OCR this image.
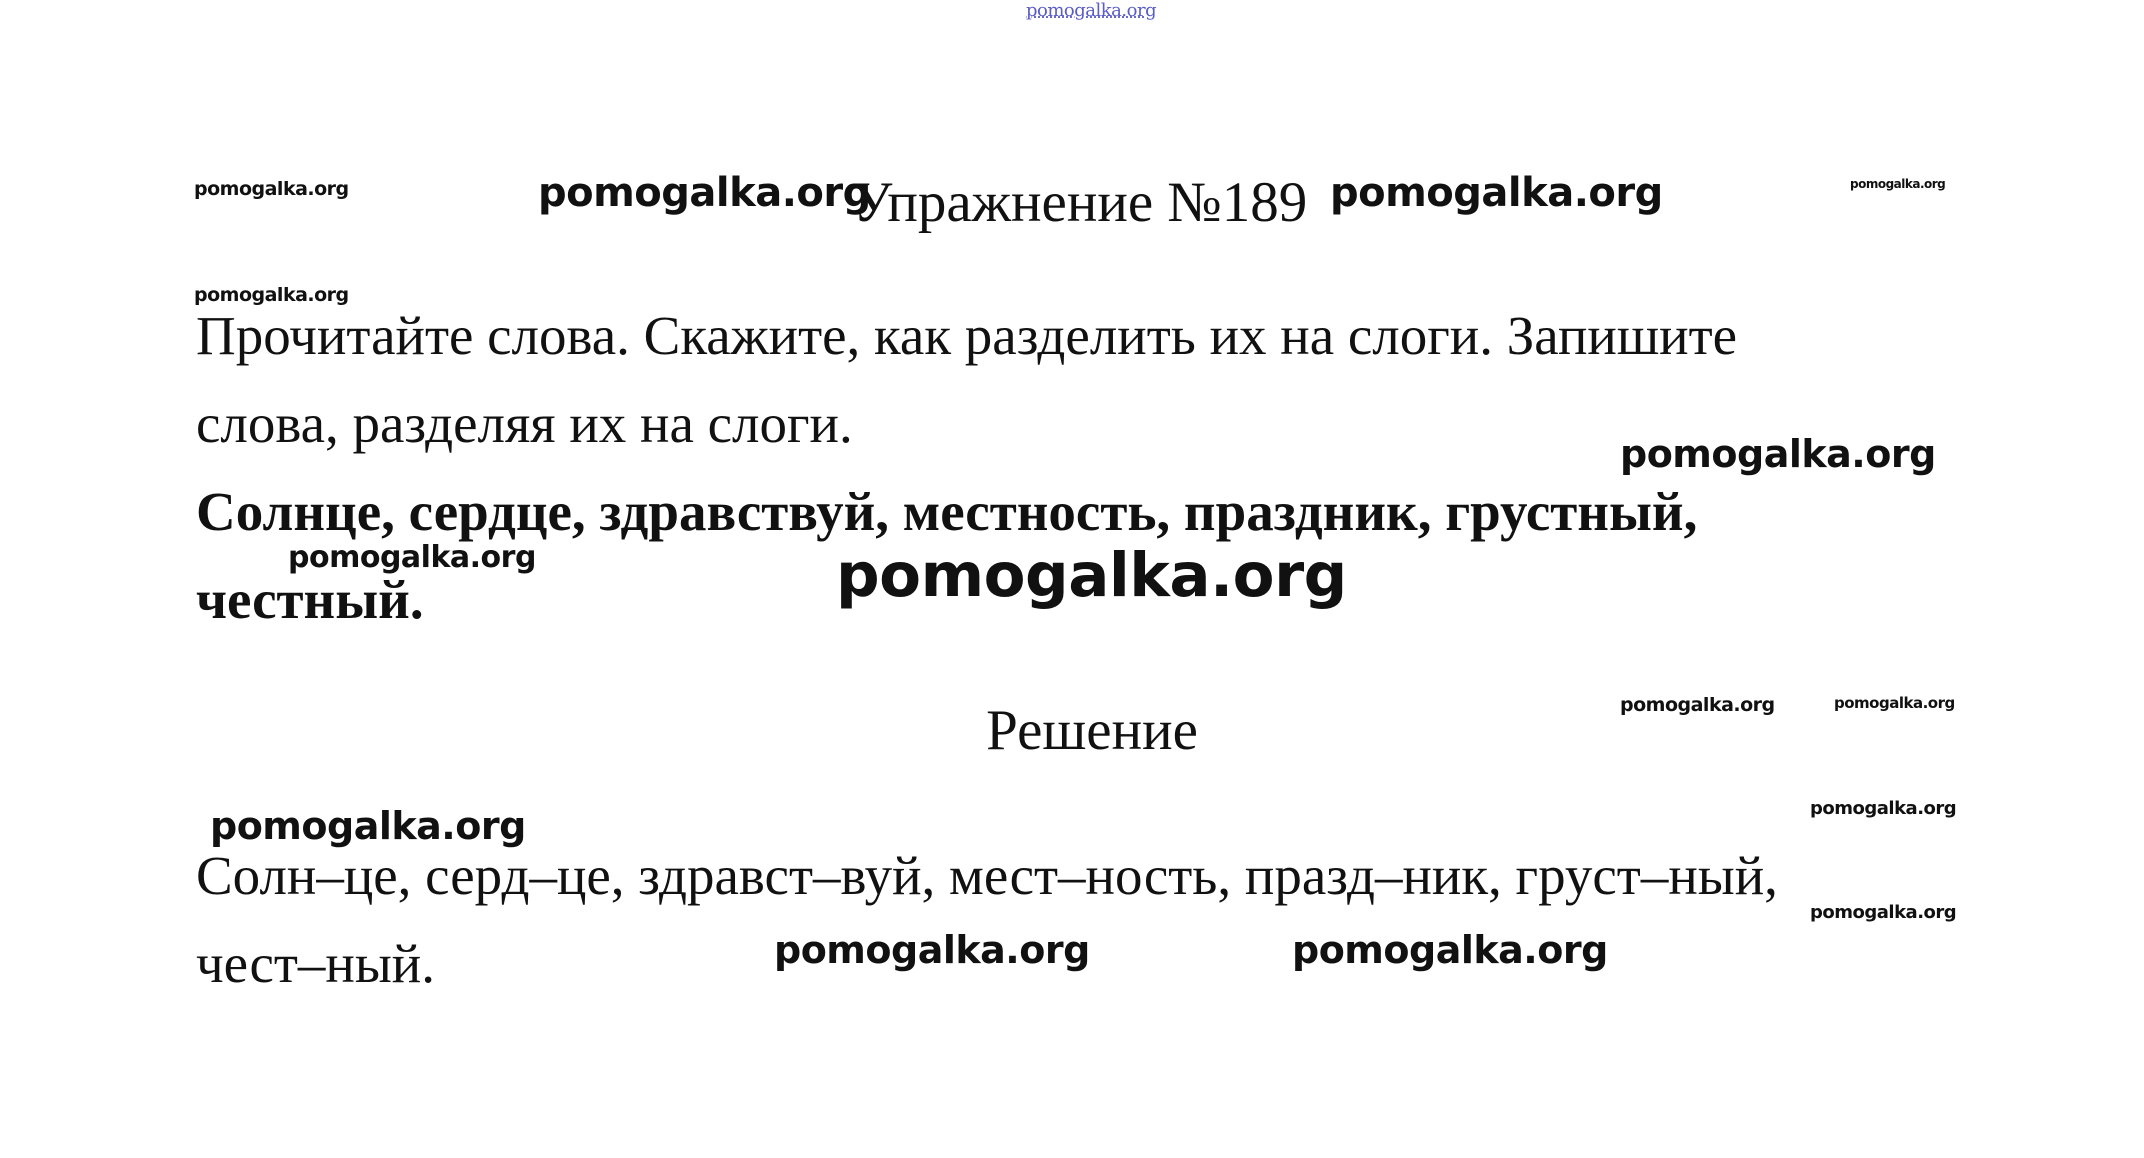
pomogalka.org
pomogalka.org	pomogalka.org
Упражнение №189 pomogalka.org	pomogalka.org
pomogalka.org
Прочитайте слова. Скажите, как разделить их на слоги. Запишите
слова, разделяя их на слоги.	pomogalka.org
Солнце, сердце, здравствуй, местность, праздник, грустный,
честный.
pomogalka.org	pomogalka.org
pomogalka.org	pomogalka.org
Решение
pomogalka.org	pomogalka.org
Солн–це, серд–це, здравст–вуй, мест–ность, празд–ник, груст–ный,
чест–ный.
pomogalka.org
pomogalka.org	pomogalka.org
